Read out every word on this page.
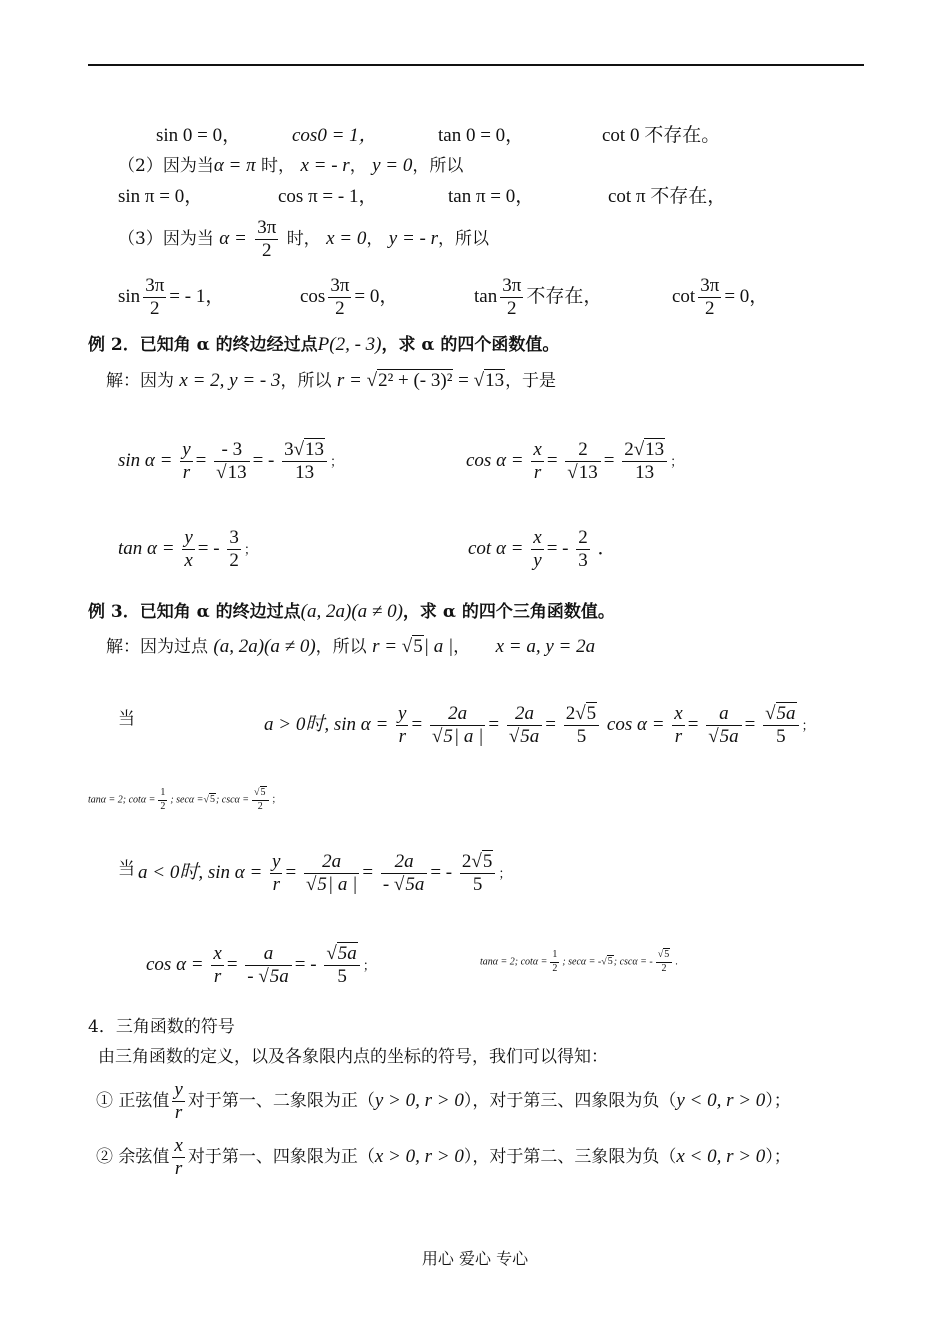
sin 0 = 0，	cos0 = 1，	tan 0 = 0，	cot 0 不存在。
（2）因为当α = π 时， x = - r， y = 0，所以
sin π = 0，	cos π = - 1，	tan π = 0，	cot π 不存在，
（3）因为当 $\alpha = \frac{3\pi}{2}$ 时， x = 0， y = - r，所以
$\sin \frac{3\pi}{2}$ = - 1，	$\cos \frac{3\pi}{2} = 0$，	$\tan \frac{3\pi}{2}$ 不存在，	$\cot \frac{3\pi}{2} = 0$，
例 2．已知角 α 的终边经过点P(2, - 3)，求 α 的四个函数值。
解：因为 x = 2, y = - 3，所以 r = √2² + (- 3)² = √13，于是
$\sin \alpha = \frac{y}{r} = \frac{- 3}{√13}$ = - $\frac{3√13}{13}$ ；	$\cos \alpha = \frac{x}{r} = \frac{2}{√13} = \frac{2√13}{13}$ ；
$\tan \alpha = \frac{y}{x}$ = - $\frac{3}{2}$ ；	$\cot \alpha = \frac{x}{y}$ = - $\frac{2}{3}$ ．
例 3．已知角 α 的终边过点(a, 2a)(a ≠ 0)，求 α 的四个三角函数值。
解：因为过点 (a, 2a)(a ≠ 0)，所以 r = √5| a |， x = a, y = 2a
当	a > 0时, $\sin \alpha = \frac{y}{r} = \frac{2a}{√5| a |} = \frac{2a}{√5a} = \frac{2√5}{5}$ $\cos \alpha = \frac{x}{r} = \frac{a}{√5a} = \frac{√5a}{5}$ ；
tanα = 2; $\cot\alpha = \frac{1}{2}$ ; secα =√5; $\csc\alpha = \frac{√5}{2}$ ；
当 a < 0时, $\sin \alpha = \frac{y}{r} = \frac{2a}{√5| a |} = \frac{2a}{- √5a}$ = - $\frac{2√5}{5}$ ；
$\cos \alpha = \frac{x}{r} = \frac{a}{- √5a}$ = - $\frac{√5a}{5}$ ；	tanα = 2; $\cot\alpha = \frac{1}{2}$ ; secα = -√5; cscα = - $\frac{√5}{2}$ .
4．三角函数的符号
由三角函数的定义，以及各象限内点的坐标的符号，我们可以得知：
① 正弦值 $\frac{y}{r}$ 对于第一、二象限为正（y > 0, r > 0），对于第三、四象限为负（y < 0, r > 0）；
② 余弦值 $\frac{x}{r}$ 对于第一、四象限为正（x > 0, r > 0），对于第二、三象限为负（x < 0, r > 0）；
用心 爱心 专心
